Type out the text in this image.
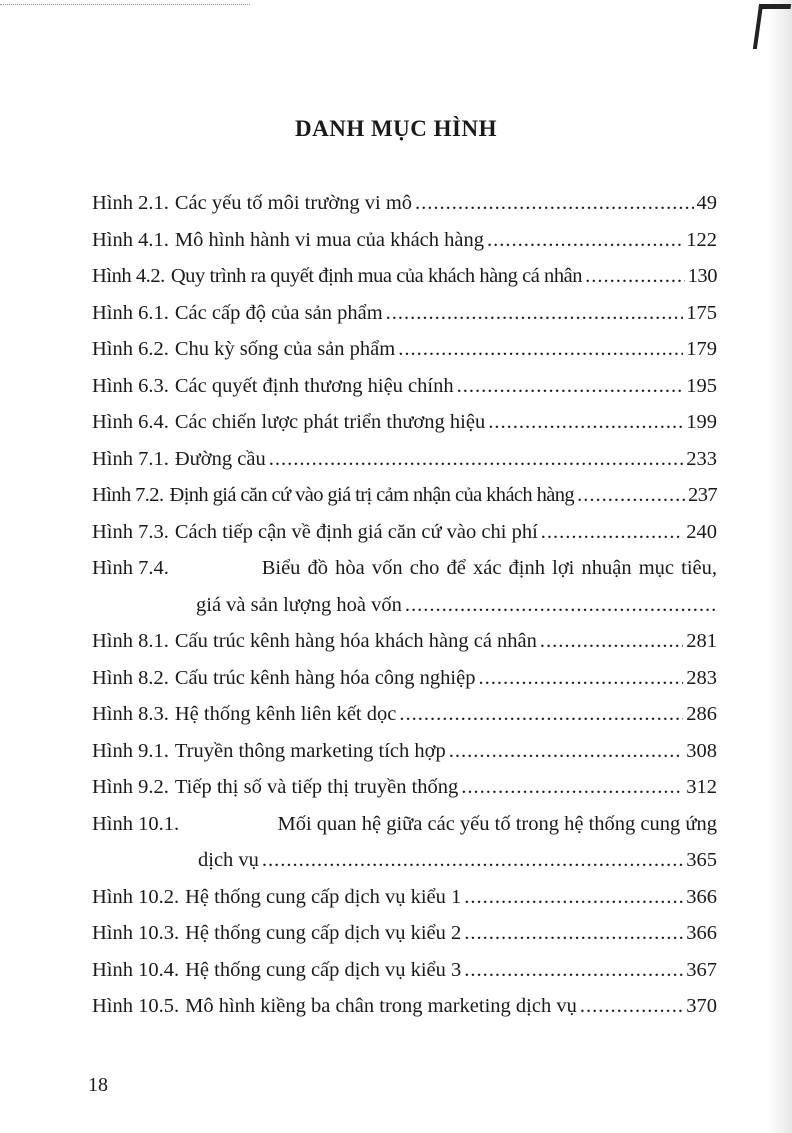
DANH MỤC HÌNH
Hình 2.1. Các yếu tố môi trường vi mô .....	49
Hình 4.1. Mô hình hành vi mua của khách hàng .....	122
Hình 4.2. Quy trình ra quyết định mua của khách hàng cá nhân .....	130
Hình 6.1. Các cấp độ của sản phẩm .....	175
Hình 6.2. Chu kỳ sống của sản phẩm .....	179
Hình 6.3. Các quyết định thương hiệu chính .....	195
Hình 6.4. Các chiến lược phát triển thương hiệu .....	199
Hình 7.1. Đường cầu .....	233
Hình 7.2. Định giá căn cứ vào giá trị cảm nhận của khách hàng .....	237
Hình 7.3. Cách tiếp cận về định giá căn cứ vào chi phí .....	240
Hình 7.4.	Biểu đồ hòa vốn cho để xác định lợi nhuận mục tiêu,
giá và sản lượng hoà vốn
.....
Hình 8.1. Cấu trúc kênh hàng hóa khách hàng cá nhân .....	281
Hình 8.2. Cấu trúc kênh hàng hóa công nghiệp .....	283
Hình 8.3. Hệ thống kênh liên kết dọc .....	286
Hình 9.1. Truyền thông marketing tích hợp .....	308
Hình 9.2. Tiếp thị số và tiếp thị truyền thống .....	312
Hình 10.1.	Mối quan hệ giữa các yếu tố trong hệ thống cung ứng
dịch vụ .....	365
Hình 10.2. Hệ thống cung cấp dịch vụ kiểu 1 .....	366
Hình 10.3. Hệ thống cung cấp dịch vụ kiểu 2 .....	366
Hình 10.4. Hệ thống cung cấp dịch vụ kiểu 3 .....	367
Hình 10.5. Mô hình kiềng ba chân trong marketing dịch vụ .....	370
18
